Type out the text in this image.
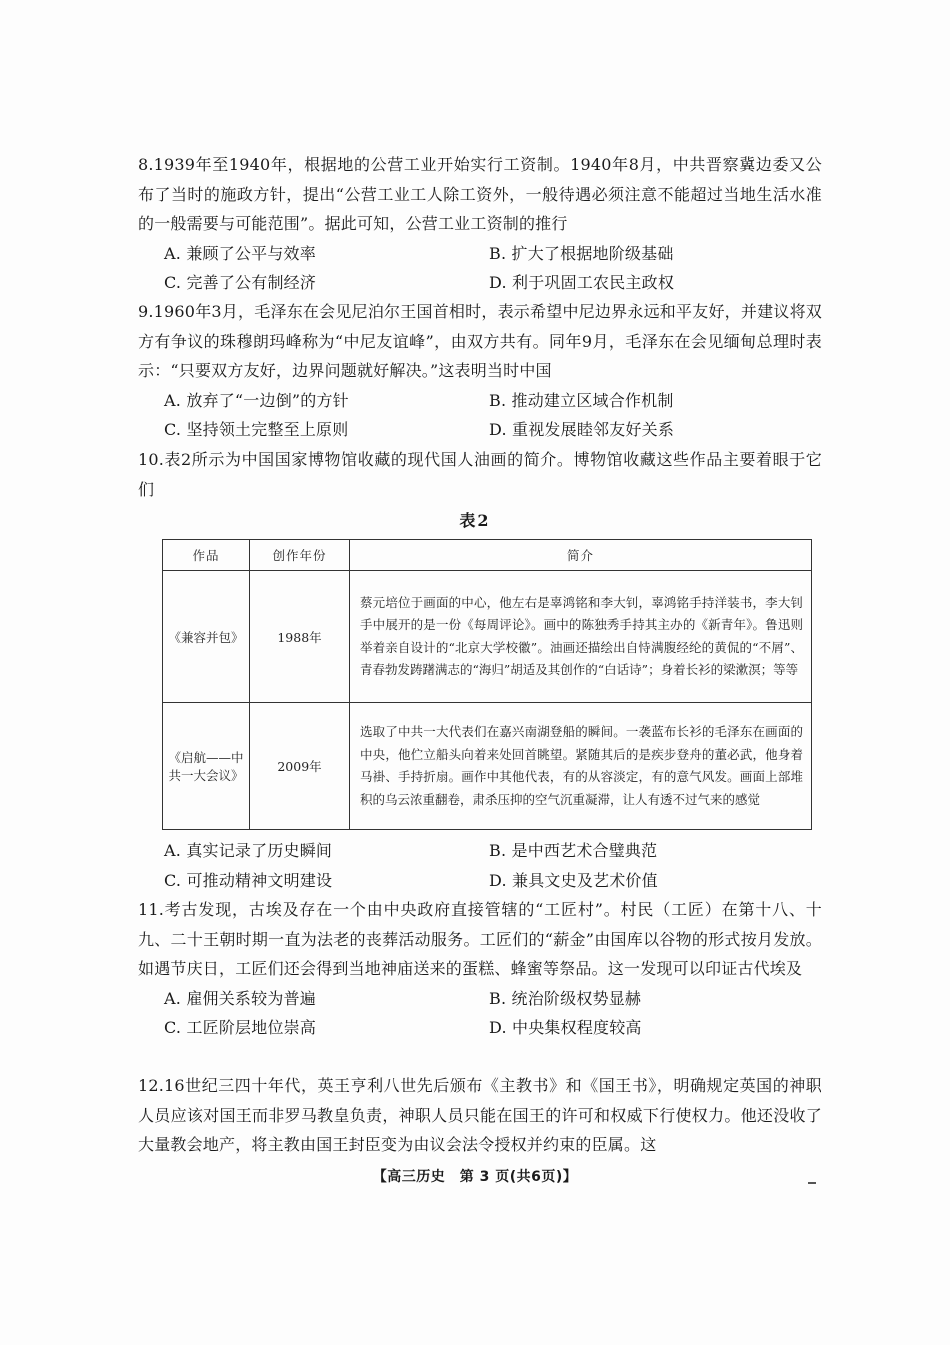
8.1939年至1940年，根据地的公营工业开始实行工资制。1940年8月，中共晋察冀边委又公布了当时的施政方针，提出“公营工业工人除工资外，一般待遇必须注意不能超过当地生活水准的一般需要与可能范围”。据此可知，公营工业工资制的推行

A. 兼顾了公平与效率	B. 扩大了根据地阶级基础
C. 完善了公有制经济	D. 利于巩固工农民主政权

9.1960年3月，毛泽东在会见尼泊尔王国首相时，表示希望中尼边界永远和平友好，并建议将双方有争议的珠穆朗玛峰称为“中尼友谊峰”，由双方共有。同年9月，毛泽东在会见缅甸总理时表示：“只要双方友好，边界问题就好解决。”这表明当时中国

A. 放弃了“一边倒”的方针	B. 推动建立区域合作机制
C. 坚持领土完整至上原则	D. 重视发展睦邻友好关系

10.表2所示为中国国家博物馆收藏的现代国人油画的简介。博物馆收藏这些作品主要着眼于它们

表2
作品	创作年份	简介
《兼容并包》	1988年	蔡元培位于画面的中心，他左右是辜鸿铭和李大钊，辜鸿铭手持洋装书，李大钊手中展开的是一份《每周评论》。画中的陈独秀手持其主办的《新青年》。鲁迅则举着亲自设计的“北京大学校徽”。油画还描绘出自恃满腹经纶的黄侃的“不屑”、青春勃发踌躇满志的“海归”胡适及其创作的“白话诗”；身着长衫的梁漱溟；等等
《启航——中共一大会议》	2009年	选取了中共一大代表们在嘉兴南湖登船的瞬间。一袭蓝布长衫的毛泽东在画面的中央，他伫立船头向着来处回首眺望。紧随其后的是疾步登舟的董必武，他身着马褂、手持折扇。画作中其他代表，有的从容淡定，有的意气风发。画面上部堆积的乌云浓重翻卷，肃杀压抑的空气沉重凝滞，让人有透不过气来的感觉
A. 真实记录了历史瞬间	B. 是中西艺术合璧典范
C. 可推动精神文明建设	D. 兼具文史及艺术价值

11.考古发现，古埃及存在一个由中央政府直接管辖的“工匠村”。村民（工匠）在第十八、十九、二十王朝时期一直为法老的丧葬活动服务。工匠们的“薪金”由国库以谷物的形式按月发放。如遇节庆日，工匠们还会得到当地神庙送来的蛋糕、蜂蜜等祭品。这一发现可以印证古代埃及

A. 雇佣关系较为普遍	B. 统治阶级权势显赫
C. 工匠阶层地位崇高	D. 中央集权程度较高

12.16世纪三四十年代，英王亨利八世先后颁布《主教书》和《国王书》，明确规定英国的神职人员应该对国王而非罗马教皇负责，神职人员只能在国王的许可和权威下行使权力。他还没收了大量教会地产，将主教由国王封臣变为由议会法令授权并约束的臣属。这

【高三历史　第 3 页(共6页)】
